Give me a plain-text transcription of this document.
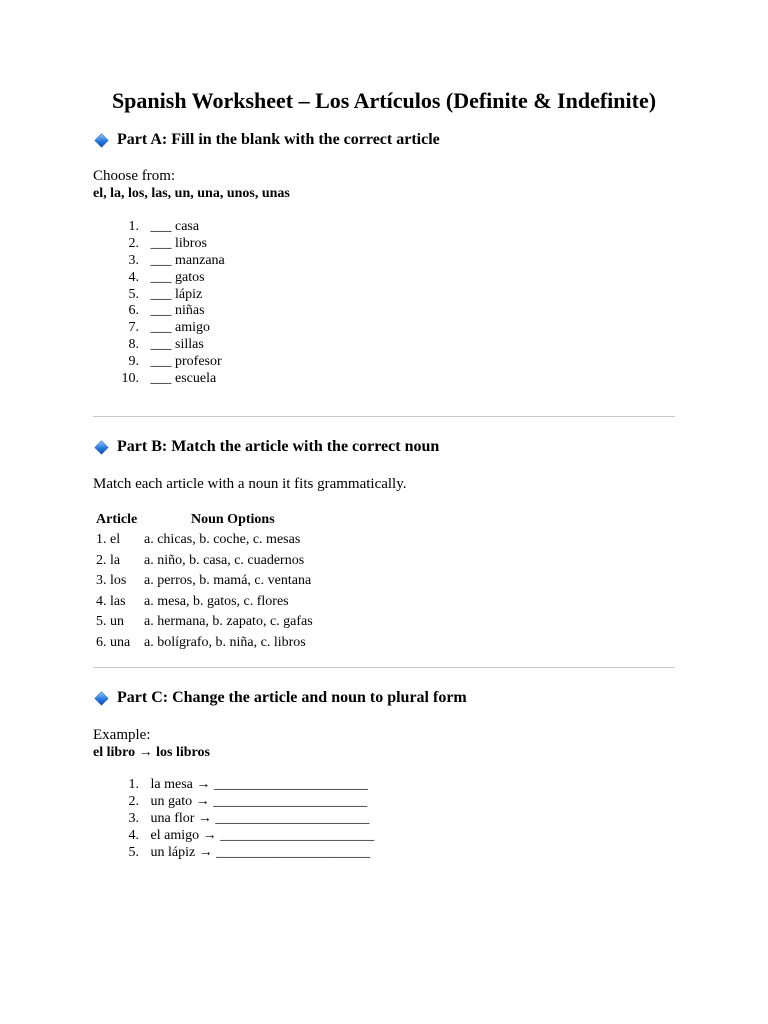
Spanish Worksheet – Los Artículos (Definite & Indefinite)
Part A: Fill in the blank with the correct article

Choose from:

el, la, los, las, un, una, unos, unas

1. ___ casa
2. ___ libros
3. ___ manzana
4. ___ gatos
5. ___ lápiz
6. ___ niñas
7. ___ amigo
8. ___ sillas
9. ___ profesor
10. ___ escuela
Part B: Match the article with the correct noun

Match each article with a noun it fits grammatically.

Article	Noun Options
1. el	a. chicas, b. coche, c. mesas
2. la	a. niño, b. casa, c. cuadernos
3. los	a. perros, b. mamá, c. ventana
4. las	a. mesa, b. gatos, c. flores
5. un	a. hermana, b. zapato, c. gafas
6. una	a. bolígrafo, b. niña, c. libros
Part C: Change the article and noun to plural form

Example:

el libro → los libros

1. la mesa → ______________________
2. un gato → ______________________
3. una flor → ______________________
4. el amigo → ______________________
5. un lápiz → ______________________
